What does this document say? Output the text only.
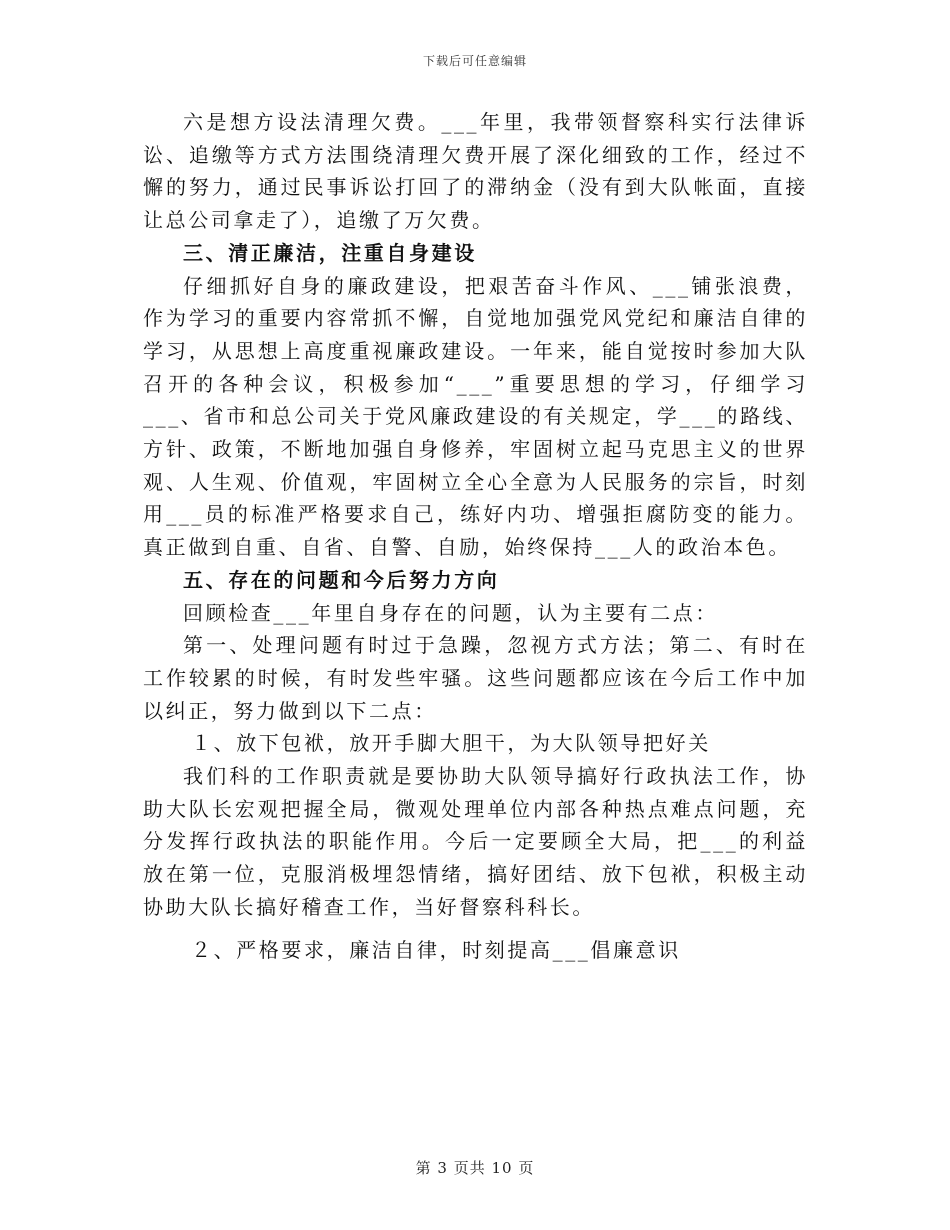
下载后可任意编辑

六是想方设法清理欠费。___年里，我带领督察科实行法律诉讼、追缴等方式方法围绕清理欠费开展了深化细致的工作，经过不懈的努力，通过民事诉讼打回了的滞纳金（没有到大队帐面，直接让总公司拿走了），追缴了万欠费。

三、清正廉洁，注重自身建设

仔细抓好自身的廉政建设，把艰苦奋斗作风、___铺张浪费，作为学习的重要内容常抓不懈，自觉地加强党风党纪和廉洁自律的学习，从思想上高度重视廉政建设。一年来，能自觉按时参加大队召开的各种会议，积极参加“___”重要思想的学习，仔细学习___、省市和总公司关于党风廉政建设的有关规定，学___的路线、方针、政策，不断地加强自身修养，牢固树立起马克思主义的世界观、人生观、价值观，牢固树立全心全意为人民服务的宗旨，时刻用___员的标准严格要求自己，练好内功、增强拒腐防变的能力。真正做到自重、自省、自警、自励，始终保持___人的政治本色。

五、存在的问题和今后努力方向

回顾检查___年里自身存在的问题，认为主要有二点：

第一、处理问题有时过于急躁，忽视方式方法；第二、有时在工作较累的时候，有时发些牢骚。这些问题都应该在今后工作中加以纠正，努力做到以下二点：

１、放下包袱，放开手脚大胆干，为大队领导把好关

我们科的工作职责就是要协助大队领导搞好行政执法工作，协助大队长宏观把握全局，微观处理单位内部各种热点难点问题，充分发挥行政执法的职能作用。今后一定要顾全大局，把___的利益放在第一位，克服消极埋怨情绪，搞好团结、放下包袱，积极主动协助大队长搞好稽查工作，当好督察科科长。

２、严格要求，廉洁自律，时刻提高___倡廉意识

第 3 页共 10 页
